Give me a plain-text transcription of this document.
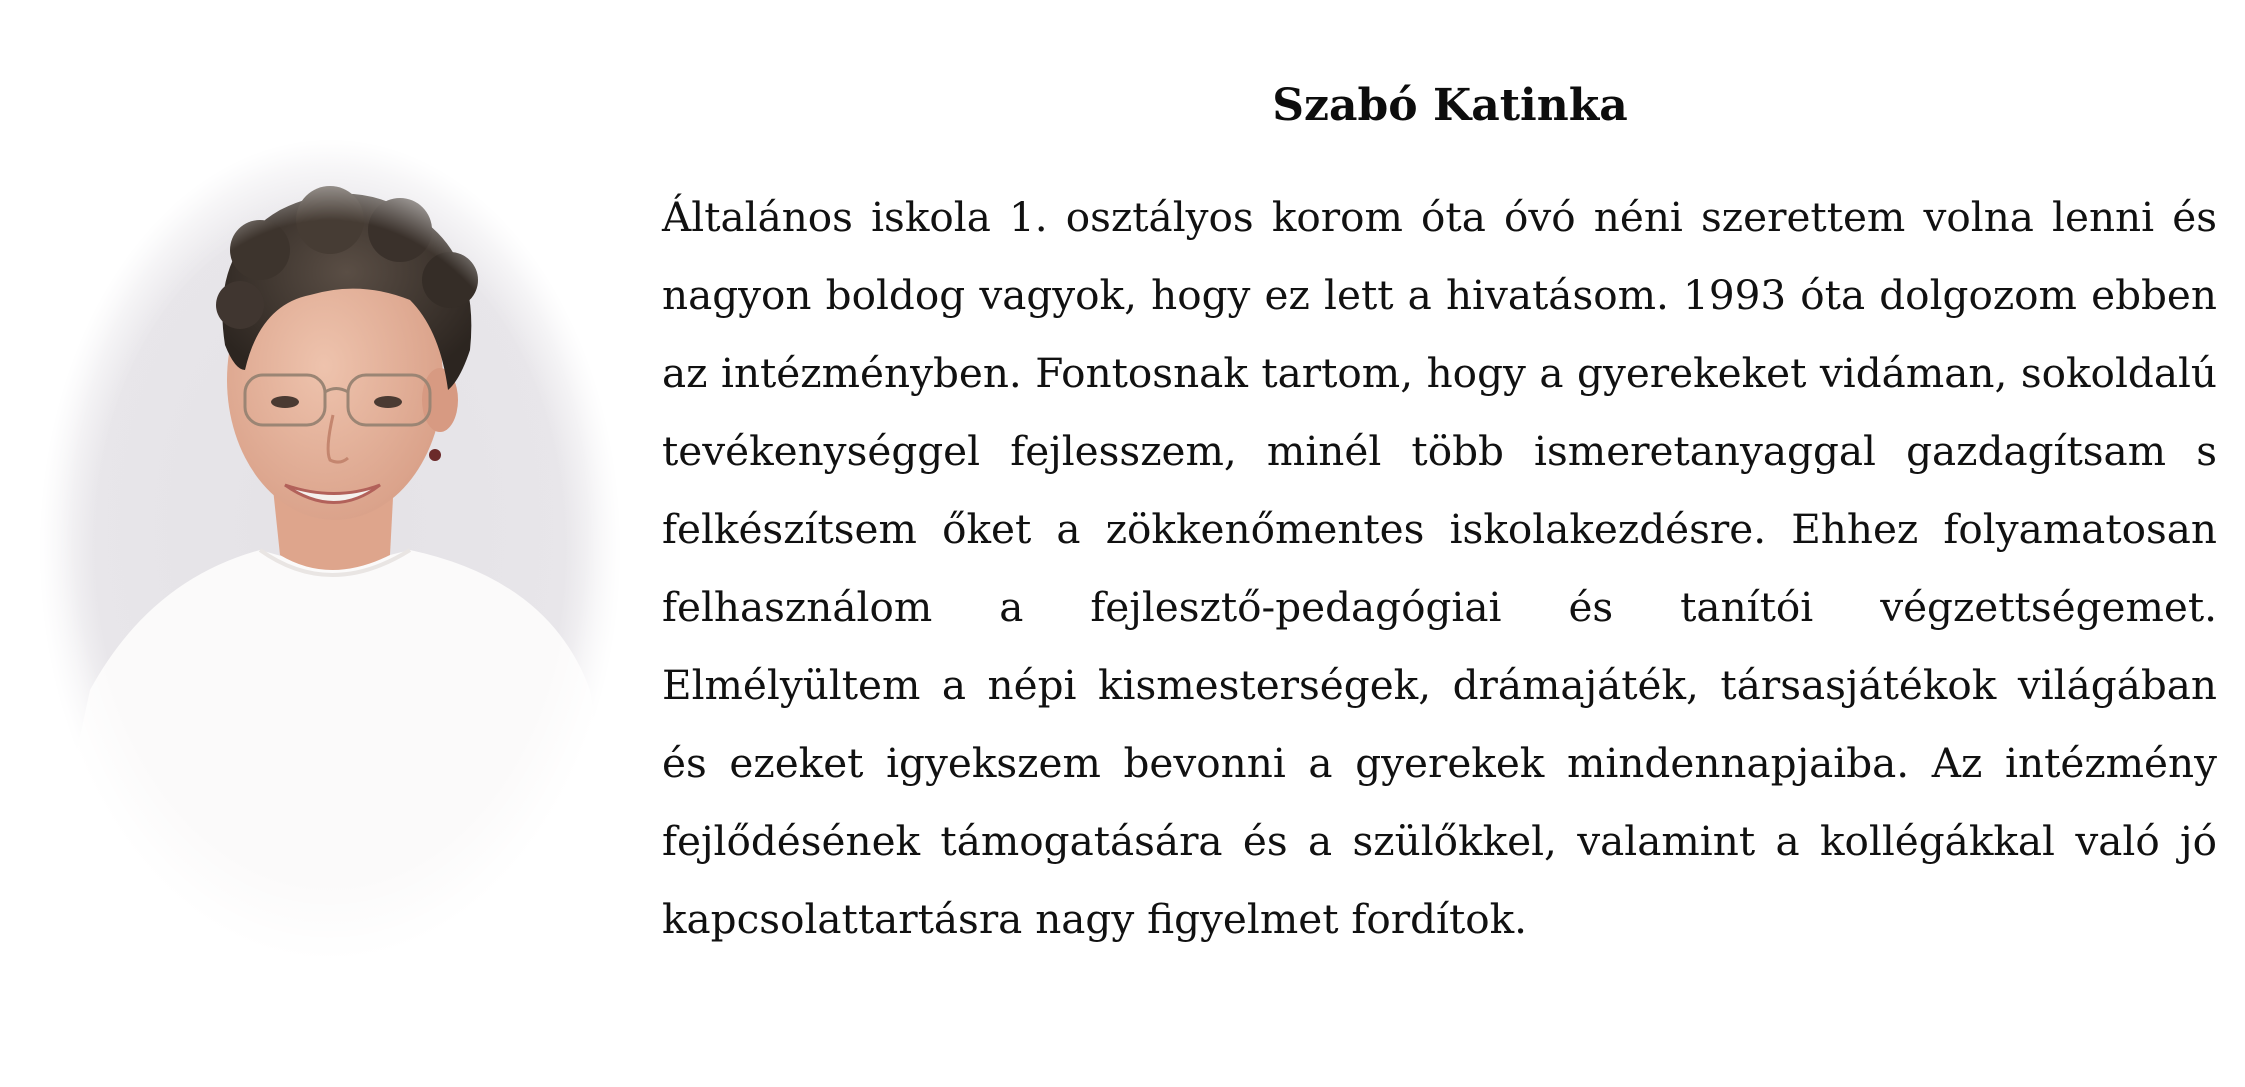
Szabó Katinka

Általános iskola 1. osztályos korom óta óvó néni szerettem volna lenni és nagyon boldog vagyok, hogy ez lett a hivatásom. 1993 óta dolgozom ebben az intézményben. Fontosnak tartom, hogy a gyerekeket vidáman, sokoldalú tevékenységgel fejlesszem, minél több ismeretanyaggal gazdagítsam s felkészítsem őket a zökkenőmentes iskolakezdésre. Ehhez folyamatosan felhasználom a fejlesztő-pedagógiai és tanítói végzettségemet. Elmélyültem a népi kismesterségek, drámajáték, társasjátékok világában és ezeket igyekszem bevonni a gyerekek mindennapjaiba. Az intézmény fejlődésének támogatására és a szülőkkel, valamint a kollégákkal való jó kapcsolattartásra nagy figyelmet fordítok.
